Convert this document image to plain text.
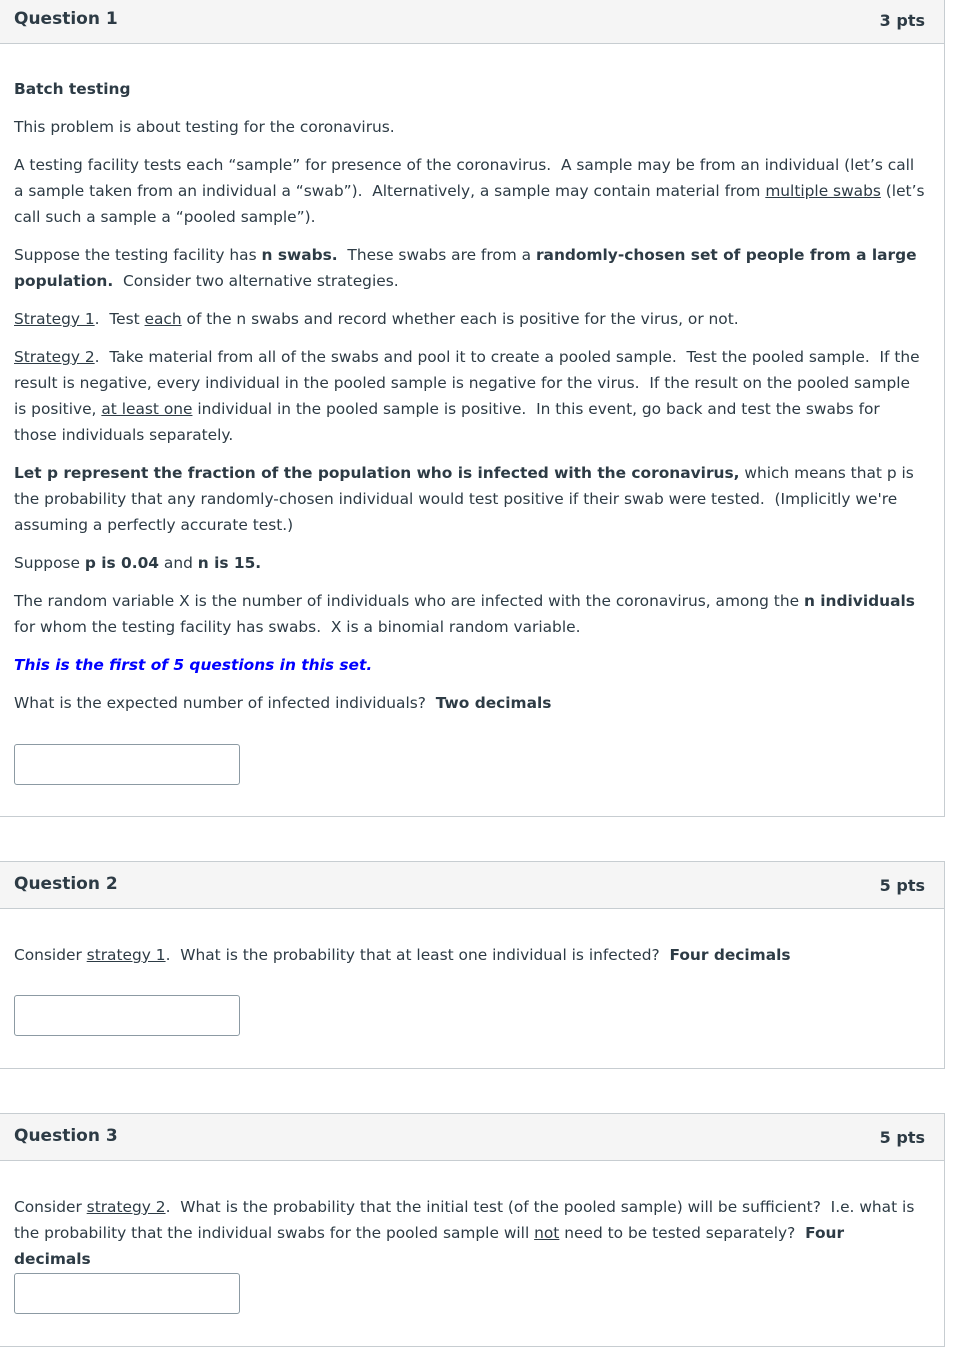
Question 1	3 pts

Batch testing

This problem is about testing for the coronavirus.

A testing facility tests each “sample” for presence of the coronavirus.  A sample may be from an individual (let’s call a sample taken from an individual a “swab”).  Alternatively, a sample may contain material from multiple swabs (let’s call such a sample a “pooled sample”).

Suppose the testing facility has n swabs.  These swabs are from a randomly-chosen set of people from a large population.  Consider two alternative strategies.

Strategy 1.  Test each of the n swabs and record whether each is positive for the virus, or not.

Strategy 2.  Take material from all of the swabs and pool it to create a pooled sample.  Test the pooled sample.  If the result is negative, every individual in the pooled sample is negative for the virus.  If the result on the pooled sample is positive, at least one individual in the pooled sample is positive.  In this event, go back and test the swabs for those individuals separately.

Let p represent the fraction of the population who is infected with the coronavirus, which means that p is the probability that any randomly-chosen individual would test positive if their swab were tested.  (Implicitly we're assuming a perfectly accurate test.)

Suppose p is 0.04 and n is 15.

The random variable X is the number of individuals who are infected with the coronavirus, among the n individuals for whom the testing facility has swabs.  X is a binomial random variable.

This is the first of 5 questions in this set.

What is the expected number of infected individuals?  Two decimals

Question 2	5 pts

Consider strategy 1.  What is the probability that at least one individual is infected?  Four decimals

Question 3	5 pts

Consider strategy 2.  What is the probability that the initial test (of the pooled sample) will be sufficient?  I.e. what is the probability that the individual swabs for the pooled sample will not need to be tested separately?  Four decimals
